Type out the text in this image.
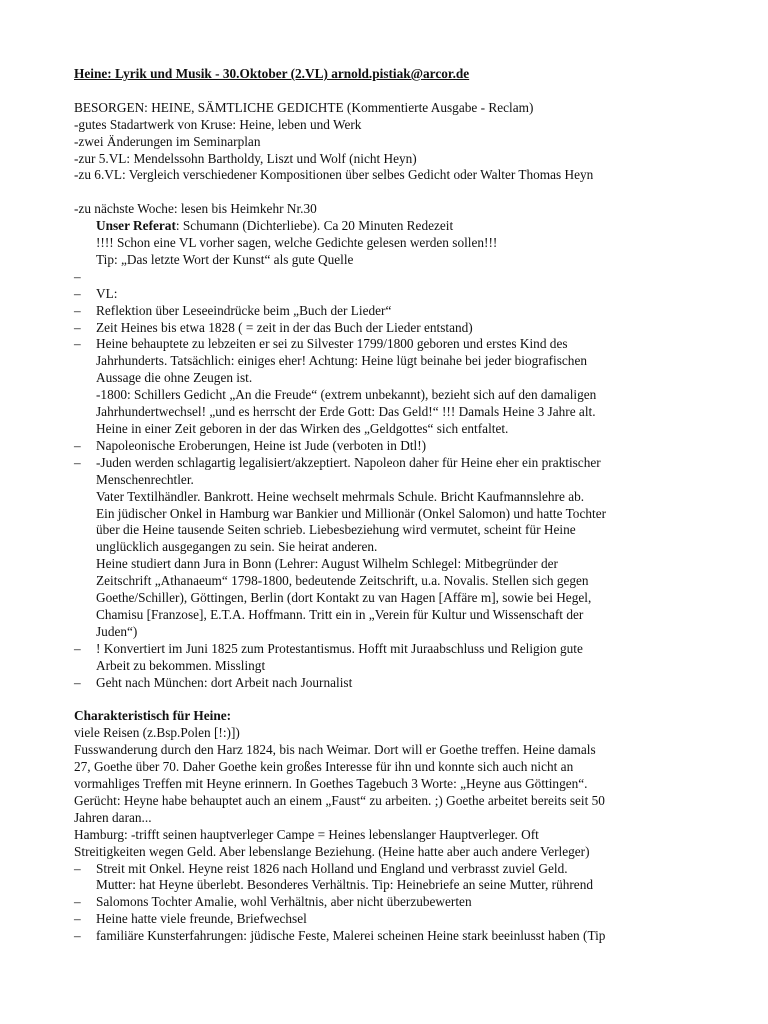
Heine: Lyrik und Musik - 30.Oktober (2.VL) arnold.pistiak@arcor.de
BESORGEN: HEINE, SÄMTLICHE GEDICHTE (Kommentierte Ausgabe - Reclam)
-gutes Stadartwerk von Kruse: Heine, leben und Werk
-zwei Änderungen im Seminarplan
-zur 5.VL: Mendelssohn Bartholdy, Liszt und Wolf (nicht Heyn)
-zu 6.VL: Vergleich verschiedener Kompositionen über selbes Gedicht oder Walter Thomas Heyn
-zu nächste Woche: lesen bis Heimkehr Nr.30
Unser Referat: Schumann (Dichterliebe). Ca 20 Minuten Redezeit
!!!! Schon eine VL vorher sagen, welche Gedichte gelesen werden sollen!!!
Tip: „Das letzte Wort der Kunst“ als gute Quelle
–

– VL:
– Reflektion über Leseeindrücke beim „Buch der Lieder“
– Zeit Heines bis etwa 1828 ( = zeit in der das Buch der Lieder entstand)
– Heine behauptete zu lebzeiten er sei zu Silvester 1799/1800 geboren und erstes Kind des
Jahrhunderts. Tatsächlich: einiges eher! Achtung: Heine lügt beinahe bei jeder biografischen
Aussage die ohne Zeugen ist.
-1800: Schillers Gedicht „An die Freude“ (extrem unbekannt), bezieht sich auf den damaligen
Jahrhundertwechsel! „und es herrscht der Erde Gott: Das Geld!“ !!! Damals Heine 3 Jahre alt.
Heine in einer Zeit geboren in der das Wirken des „Geldgottes“ sich entfaltet.
– Napoleonische Eroberungen, Heine ist Jude (verboten in Dtl!)
– -Juden werden schlagartig legalisiert/akzeptiert. Napoleon daher für Heine eher ein praktischer
Menschenrechtler.
Vater Textilhändler. Bankrott. Heine wechselt mehrmals Schule. Bricht Kaufmannslehre ab.
Ein jüdischer Onkel in Hamburg war Bankier und Millionär (Onkel Salomon) und hatte Tochter
über die Heine tausende Seiten schrieb. Liebesbeziehung wird vermutet, scheint für Heine
unglücklich ausgegangen zu sein. Sie heirat anderen.
Heine studiert dann Jura in Bonn (Lehrer: August Wilhelm Schlegel: Mitbegründer der
Zeitschrift „Athanaeum“ 1798-1800, bedeutende Zeitschrift, u.a. Novalis. Stellen sich gegen
Goethe/Schiller), Göttingen, Berlin (dort Kontakt zu van Hagen [Affäre m], sowie bei Hegel,
Chamisu [Franzose], E.T.A. Hoffmann. Tritt ein in „Verein für Kultur und Wissenschaft der
Juden“)
– ! Konvertiert im Juni 1825 zum Protestantismus. Hofft mit Juraabschluss und Religion gute
Arbeit zu bekommen. Misslingt
– Geht nach München: dort Arbeit nach Journalist
Charakteristisch für Heine:
viele Reisen (z.Bsp.Polen [!:)])
Fusswanderung durch den Harz 1824, bis nach Weimar. Dort will er Goethe treffen. Heine damals
27, Goethe über 70. Daher Goethe kein großes Interesse für ihn und konnte sich auch nicht an
vormahliges Treffen mit Heyne erinnern. In Goethes Tagebuch 3 Worte: „Heyne aus Göttingen“.
Gerücht: Heyne habe behauptet auch an einem „Faust“ zu arbeiten. ;) Goethe arbeitet bereits seit 50
Jahren daran...
Hamburg: -trifft seinen hauptverleger Campe = Heines lebenslanger Hauptverleger. Oft
Streitigkeiten wegen Geld. Aber lebenslange Beziehung. (Heine hatte aber auch andere Verleger)
– Streit mit Onkel. Heyne reist 1826 nach Holland und England und verbrasst zuviel Geld.
Mutter: hat Heyne überlebt. Besonderes Verhältnis. Tip: Heinebriefe an seine Mutter, rührend
– Salomons Tochter Amalie, wohl Verhältnis, aber nicht überzubewerten
– Heine hatte viele freunde, Briefwechsel
– familiäre Kunsterfahrungen: jüdische Feste, Malerei scheinen Heine stark beeinlusst haben (Tip
